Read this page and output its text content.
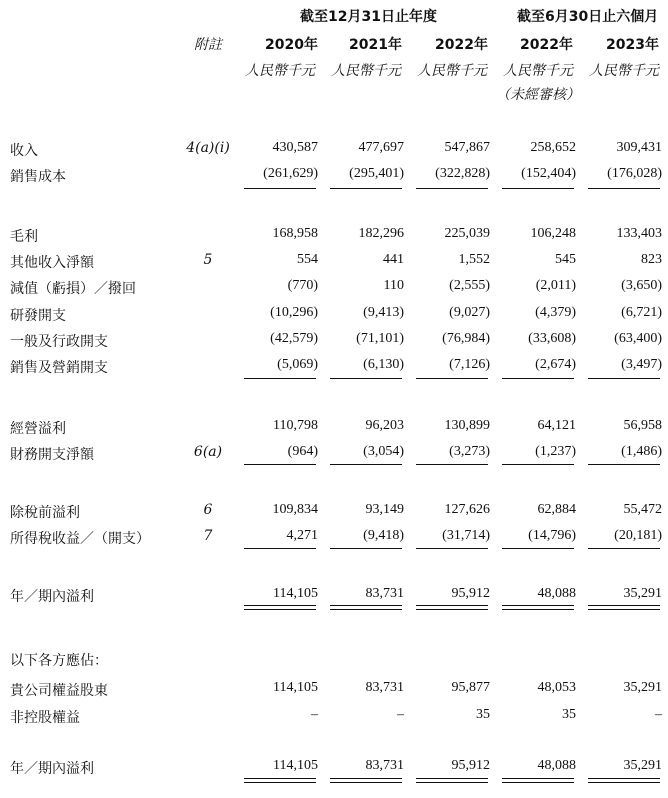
截至12月31日止年度	截至6月30日止六個月
附註	2020年	2021年	2022年	2022年	2023年
人民幣千元	人民幣千元	人民幣千元	人民幣千元	人民幣千元
（未經審核）
收入	4(a)(i)	430,587	477,697	547,867	258,652	309,431
銷售成本	(261,629)	(295,401)	(322,828)	(152,404)	(176,028)
毛利	168,958	182,296	225,039	106,248	133,403
其他收入淨額	5	554	441	1,552	545	823
減值（虧損）／撥回	(770)	110	(2,555)	(2,011)	(3,650)
研發開支	(10,296)	(9,413)	(9,027)	(4,379)	(6,721)
一般及行政開支	(42,579)	(71,101)	(76,984)	(33,608)	(63,400)
銷售及營銷開支	(5,069)	(6,130)	(7,126)	(2,674)	(3,497)
經營溢利	110,798	96,203	130,899	64,121	56,958
財務開支淨額	6(a)	(964)	(3,054)	(3,273)	(1,237)	(1,486)
除稅前溢利	6	109,834	93,149	127,626	62,884	55,472
所得稅收益／（開支）	7	4,271	(9,418)	(31,714)	(14,796)	(20,181)
年／期內溢利	114,105	83,731	95,912	48,088	35,291
以下各方應佔：
貴公司權益股東	114,105	83,731	95,877	48,053	35,291
非控股權益	–	–	35	35	–
年／期內溢利	114,105	83,731	95,912	48,088	35,291
